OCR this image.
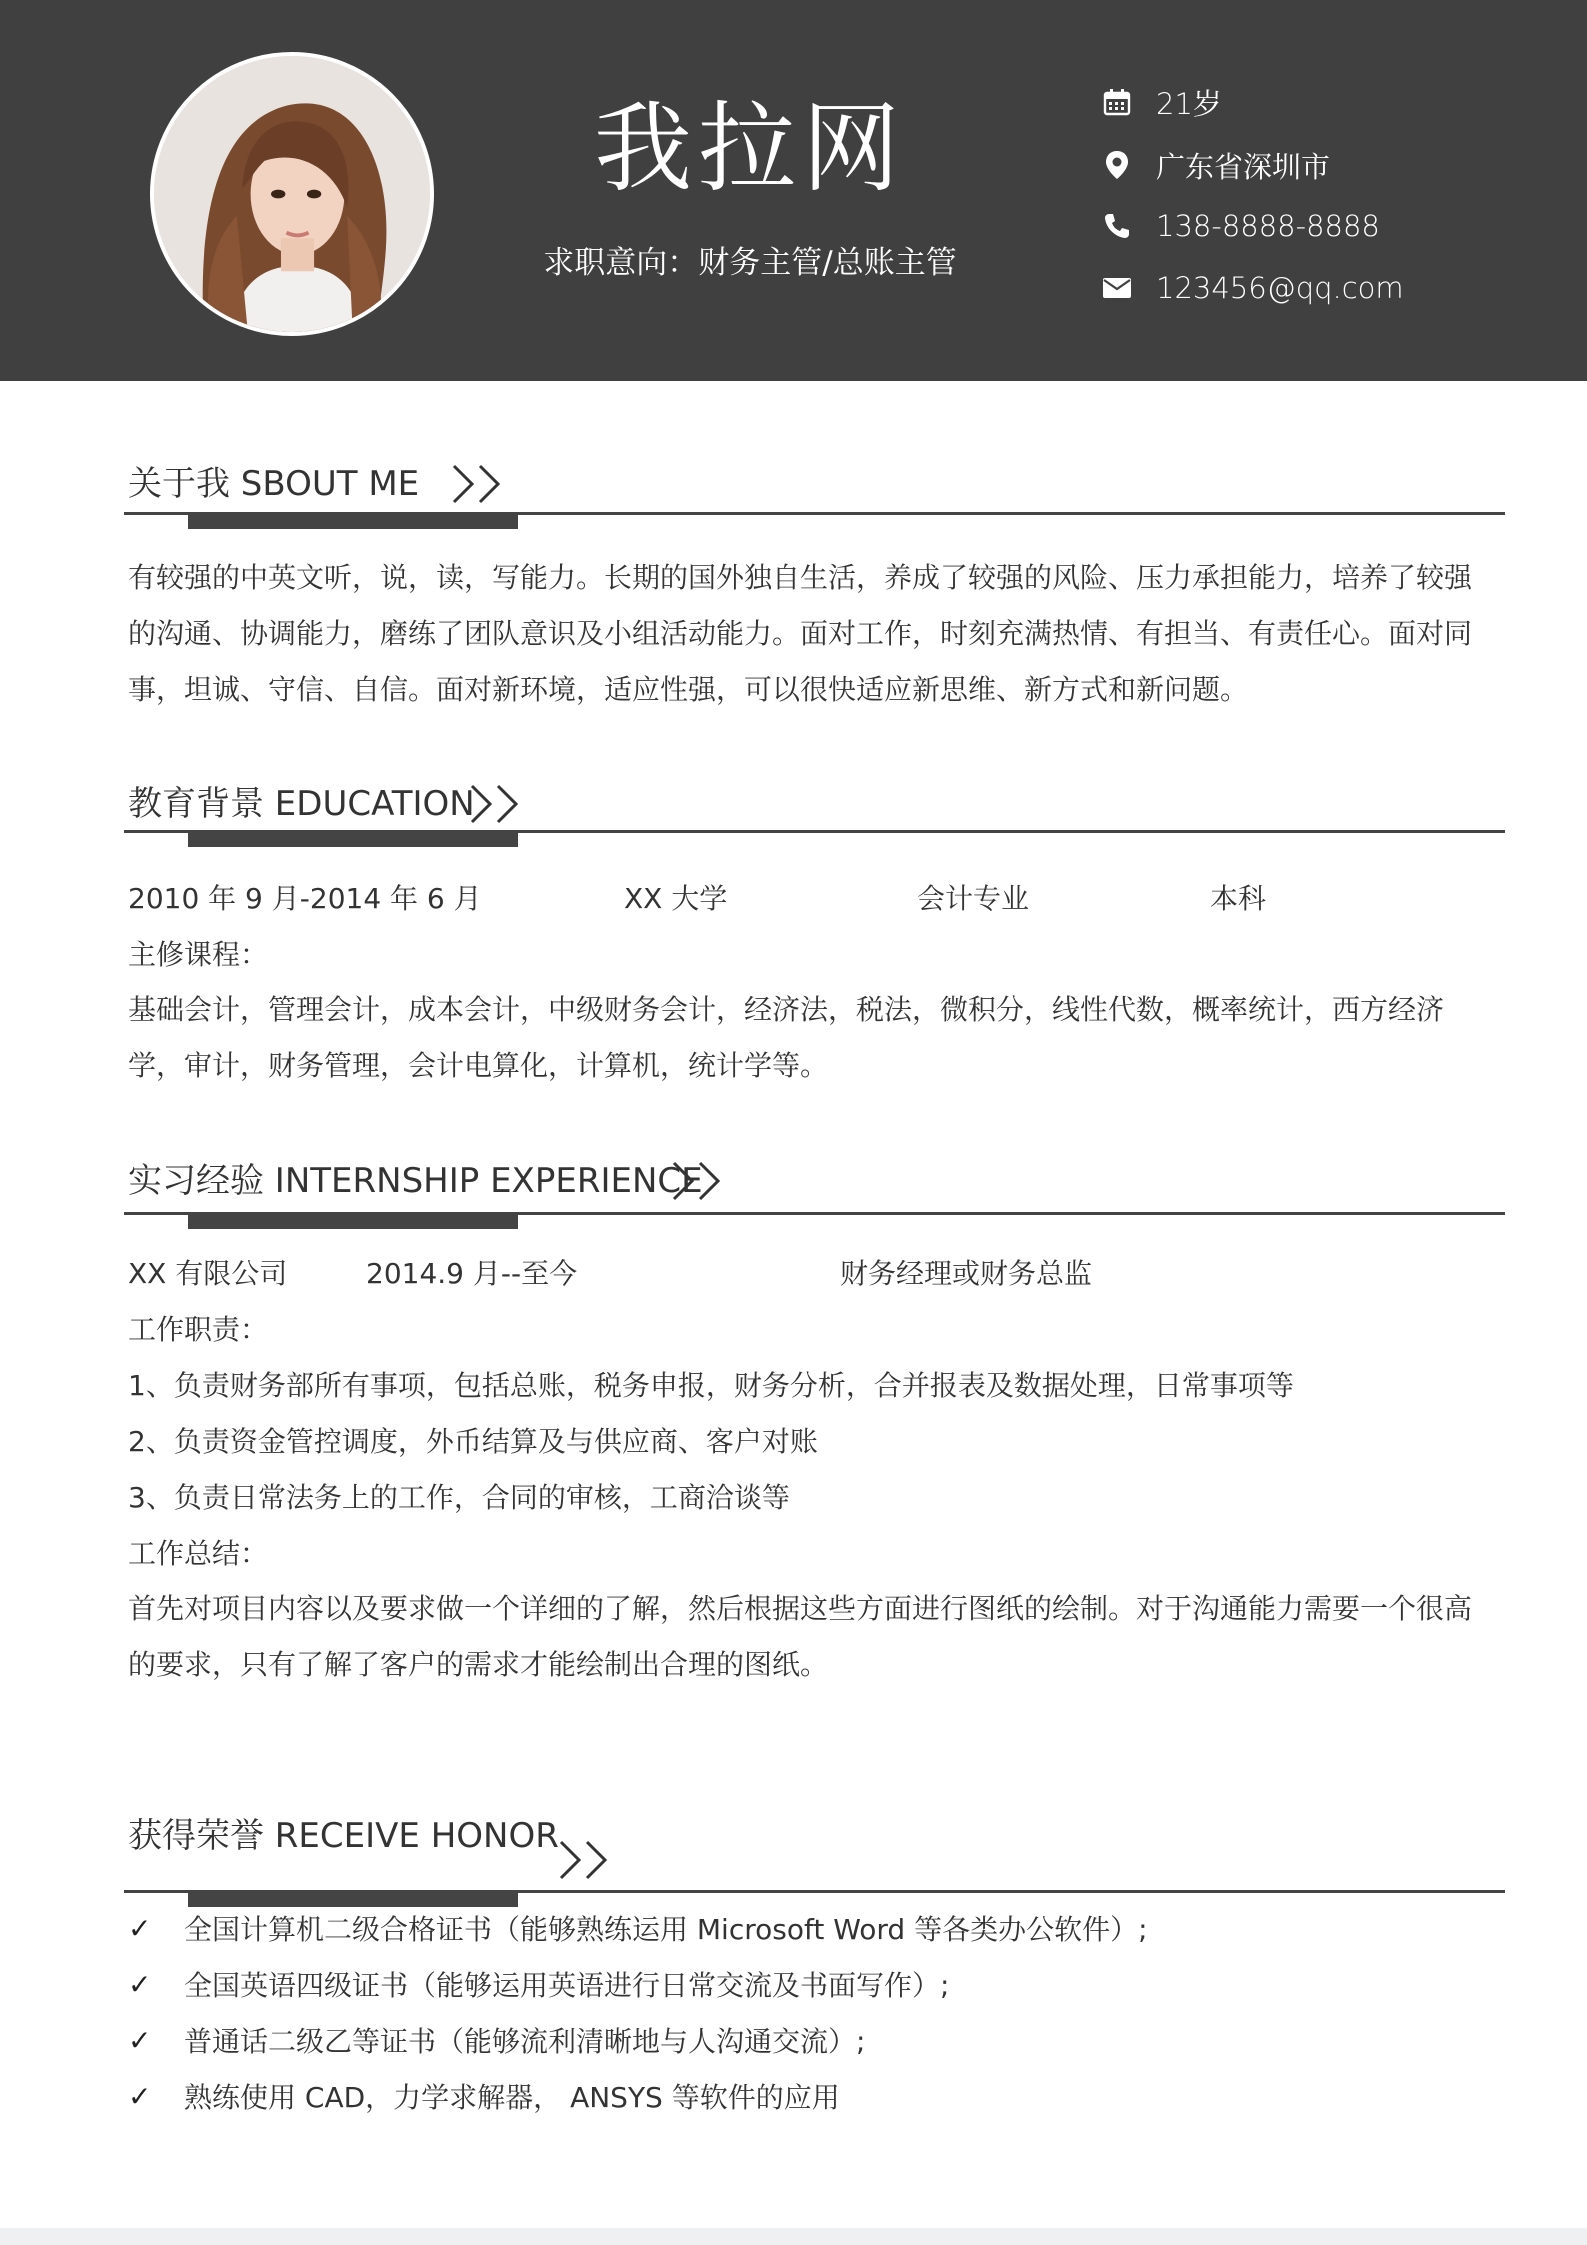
我拉网
求职意向：财务主管/总账主管
21岁
广东省深圳市
138-8888-8888
123456@qq.com
关于我 SBOUT ME
有较强的中英文听，说，读，写能力。长期的国外独自生活，养成了较强的风险、压力承担能力，培养了较强的沟通、协调能力，磨练了团队意识及小组活动能力。面对工作，时刻充满热情、有担当、有责任心。面对同事，坦诚、守信、自信。面对新环境，适应性强，可以很快适应新思维、新方式和新问题。
教育背景 EDUCATION
2010 年 9 月-2014 年 6 月	XX 大学	会计专业	本科
主修课程：
基础会计，管理会计，成本会计，中级财务会计，经济法，税法，微积分，线性代数，概率统计，西方经济学，审计，财务管理，会计电算化，计算机，统计学等。
实习经验 INTERNSHIP EXPERIENCE
XX 有限公司	2014.9 月--至今	财务经理或财务总监
工作职责：
1、负责财务部所有事项，包括总账，税务申报，财务分析，合并报表及数据处理，日常事项等
2、负责资金管控调度，外币结算及与供应商、客户对账
3、负责日常法务上的工作，合同的审核，工商洽谈等
工作总结：
首先对项目内容以及要求做一个详细的了解，然后根据这些方面进行图纸的绘制。对于沟通能力需要一个很高的要求，只有了解了客户的需求才能绘制出合理的图纸。
获得荣誉 RECEIVE HONOR
✓	全国计算机二级合格证书（能够熟练运用 Microsoft Word 等各类办公软件）;
✓	全国英语四级证书（能够运用英语进行日常交流及书面写作）;
✓	普通话二级乙等证书（能够流利清晰地与人沟通交流）;
✓	熟练使用 CAD，力学求解器， ANSYS 等软件的应用
